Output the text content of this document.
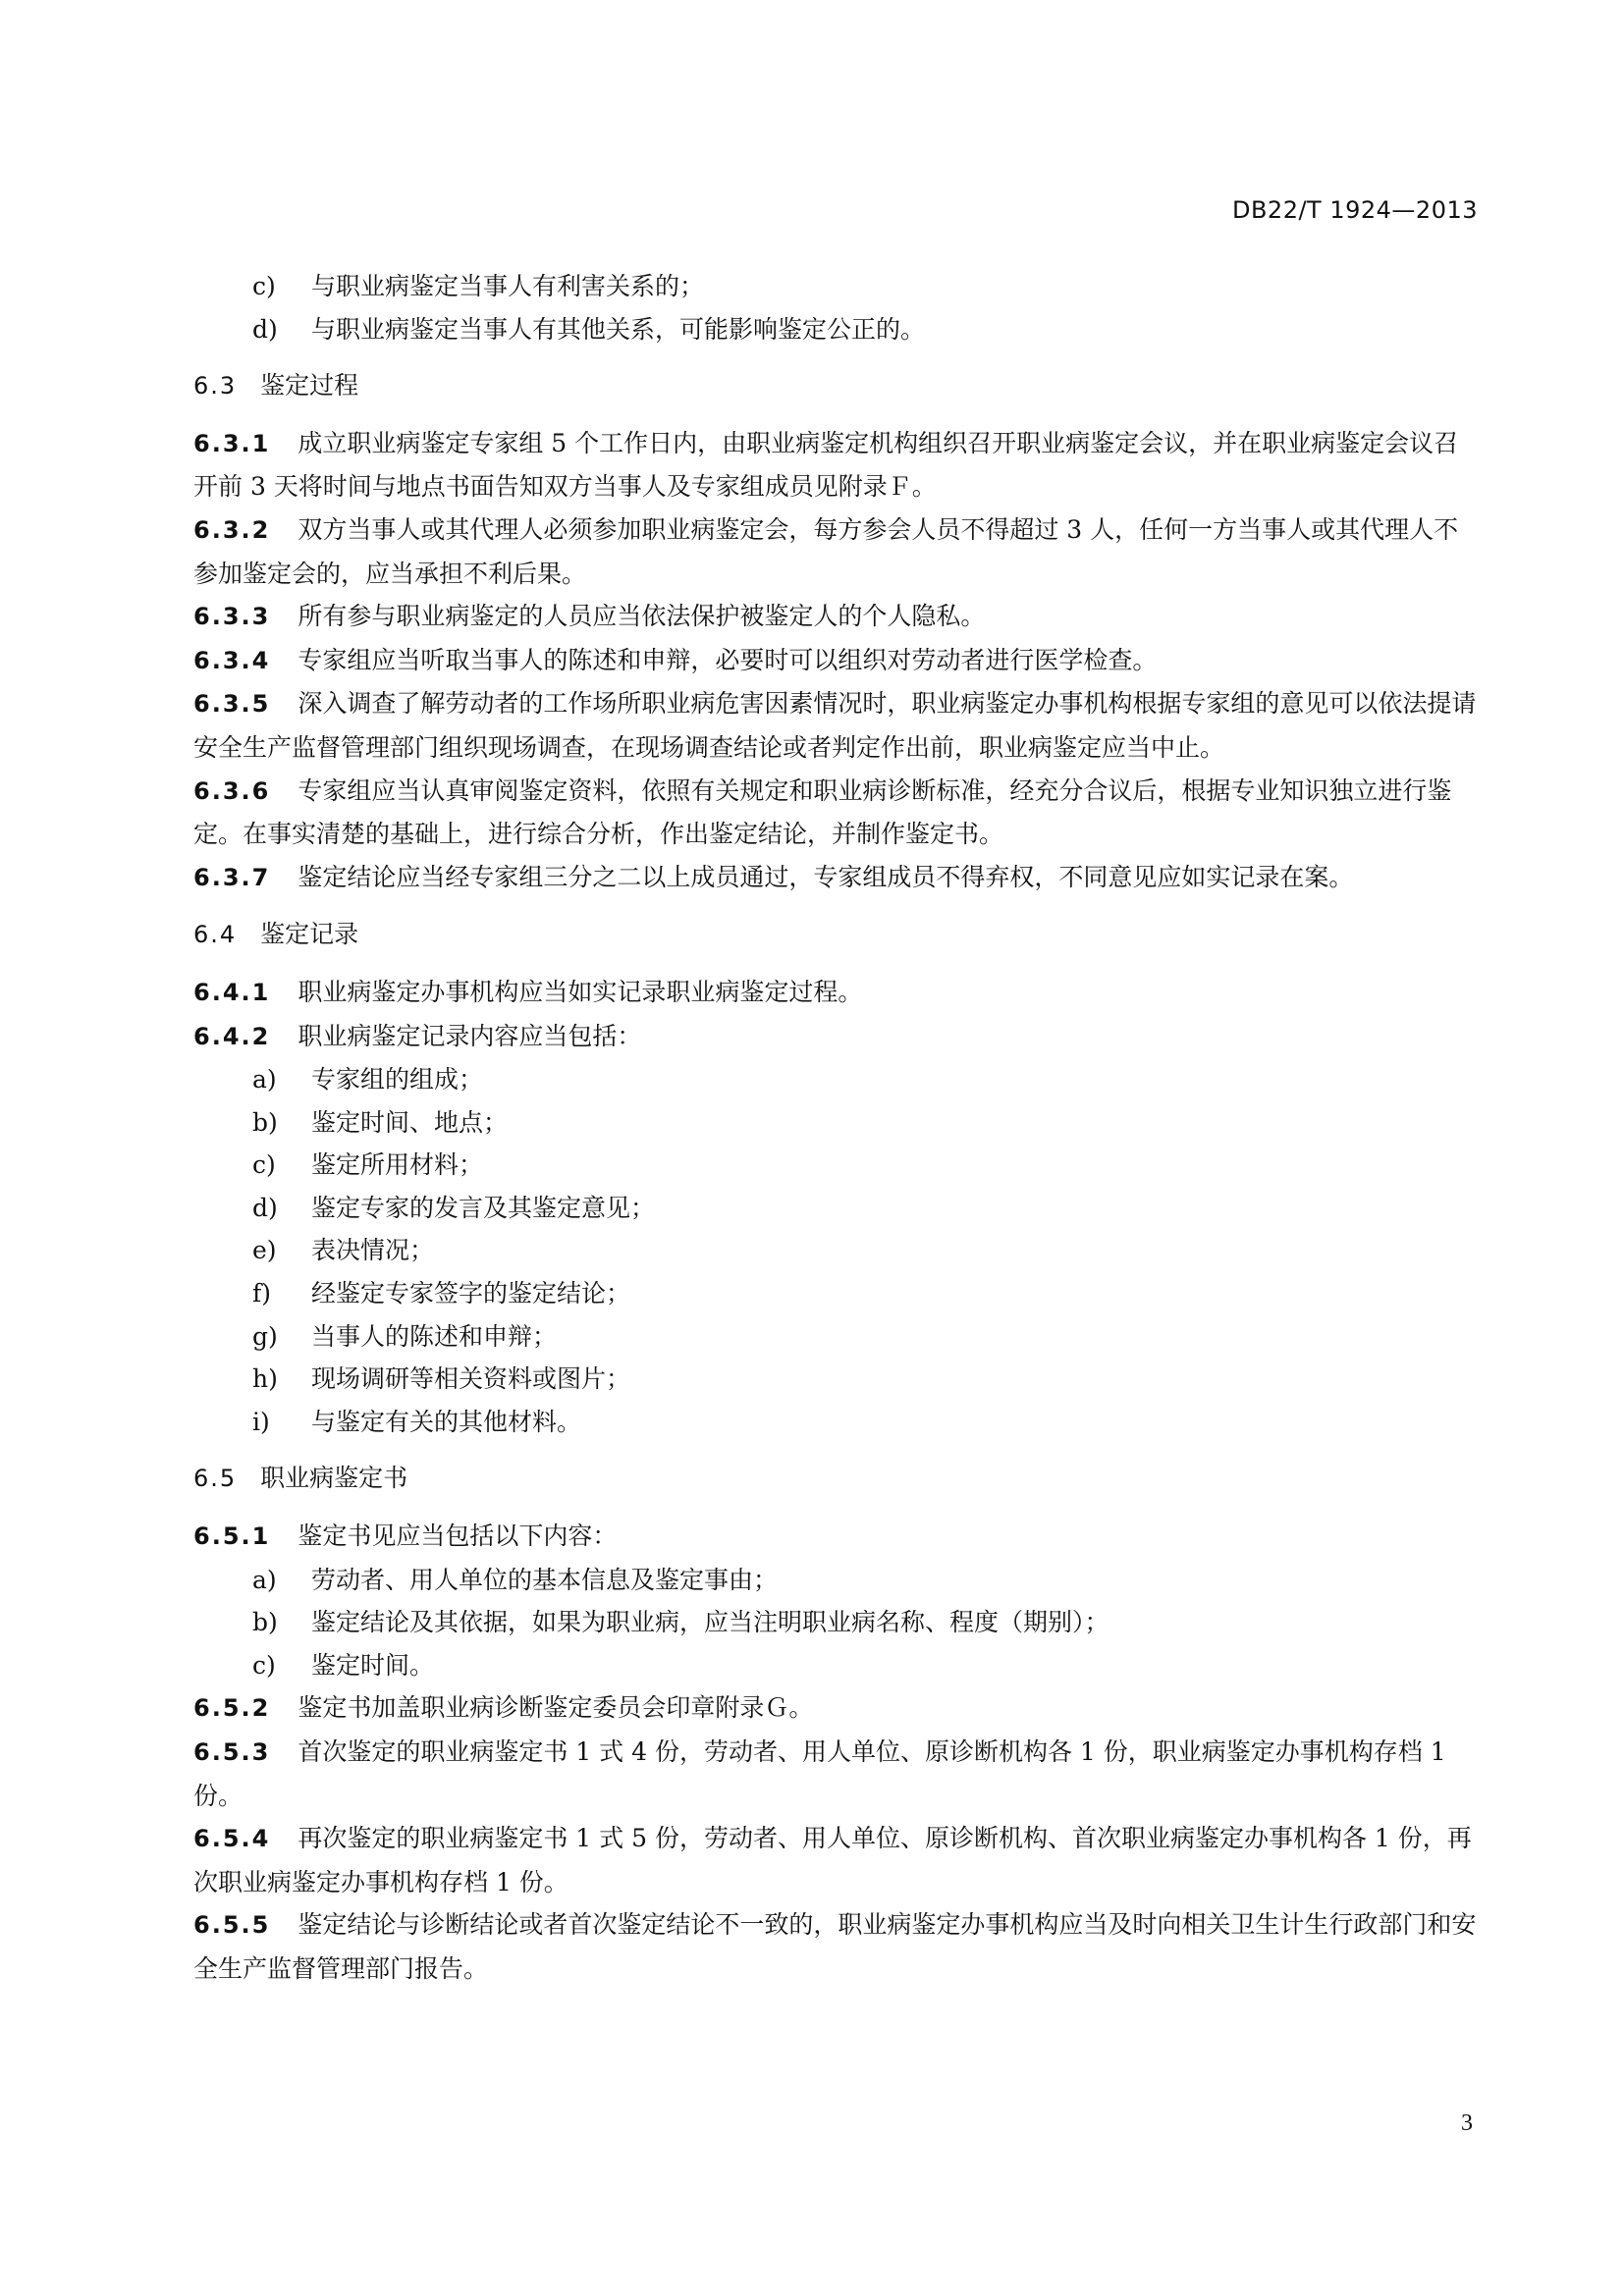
DB22/T 1924—2013
c) 与职业病鉴定当事人有利害关系的；
d) 与职业病鉴定当事人有其他关系，可能影响鉴定公正的。
6.3 鉴定过程
6.3.1 成立职业病鉴定专家组 5 个工作日内，由职业病鉴定机构组织召开职业病鉴定会议，并在职业病鉴定会议召开前 3 天将时间与地点书面告知双方当事人及专家组成员见附录Ｆ。
6.3.2 双方当事人或其代理人必须参加职业病鉴定会，每方参会人员不得超过 3 人，任何一方当事人或其代理人不参加鉴定会的，应当承担不利后果。
6.3.3 所有参与职业病鉴定的人员应当依法保护被鉴定人的个人隐私。
6.3.4 专家组应当听取当事人的陈述和申辩，必要时可以组织对劳动者进行医学检查。
6.3.5 深入调查了解劳动者的工作场所职业病危害因素情况时，职业病鉴定办事机构根据专家组的意见可以依法提请安全生产监督管理部门组织现场调查，在现场调查结论或者判定作出前，职业病鉴定应当中止。
6.3.6 专家组应当认真审阅鉴定资料，依照有关规定和职业病诊断标准，经充分合议后，根据专业知识独立进行鉴定。在事实清楚的基础上，进行综合分析，作出鉴定结论，并制作鉴定书。
6.3.7 鉴定结论应当经专家组三分之二以上成员通过，专家组成员不得弃权，不同意见应如实记录在案。
6.4 鉴定记录
6.4.1 职业病鉴定办事机构应当如实记录职业病鉴定过程。
6.4.2 职业病鉴定记录内容应当包括：
a) 专家组的组成；
b) 鉴定时间、地点；
c) 鉴定所用材料；
d) 鉴定专家的发言及其鉴定意见；
e) 表决情况；
f) 经鉴定专家签字的鉴定结论；
g) 当事人的陈述和申辩；
h) 现场调研等相关资料或图片；
i) 与鉴定有关的其他材料。
6.5 职业病鉴定书
6.5.1 鉴定书见应当包括以下内容：
a) 劳动者、用人单位的基本信息及鉴定事由；
b) 鉴定结论及其依据，如果为职业病，应当注明职业病名称、程度（期别）；
c) 鉴定时间。
6.5.2 鉴定书加盖职业病诊断鉴定委员会印章附录Ｇ。
6.5.3 首次鉴定的职业病鉴定书 1 式 4 份，劳动者、用人单位、原诊断机构各 1 份，职业病鉴定办事机构存档 1 份。
6.5.4 再次鉴定的职业病鉴定书 1 式 5 份，劳动者、用人单位、原诊断机构、首次职业病鉴定办事机构各 1 份，再次职业病鉴定办事机构存档 1 份。
6.5.5 鉴定结论与诊断结论或者首次鉴定结论不一致的，职业病鉴定办事机构应当及时向相关卫生计生行政部门和安全生产监督管理部门报告。
3
